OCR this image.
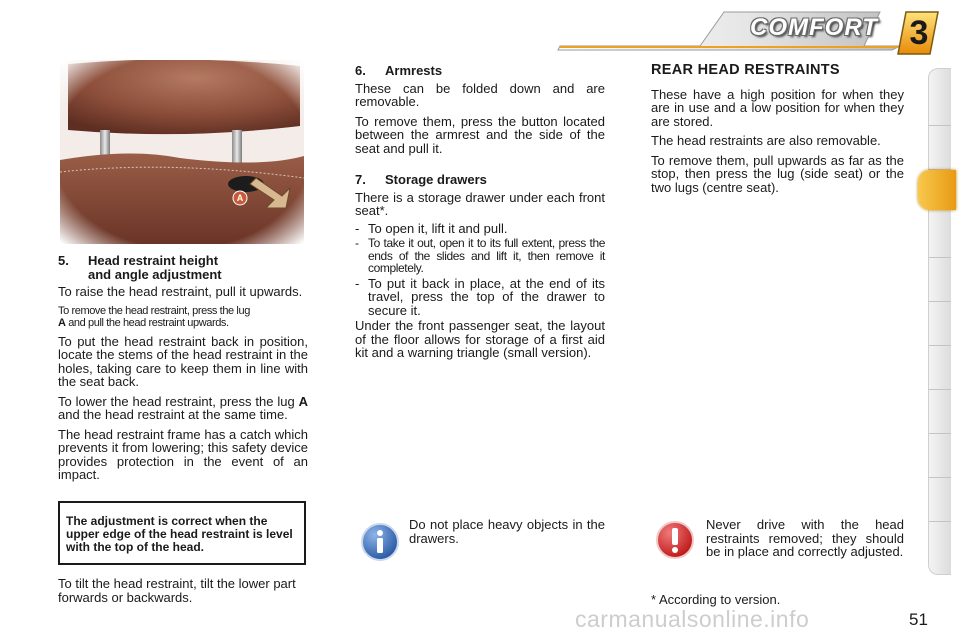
COMFORT 3
5. Head restraint height
and angle adjustment

To raise the head restraint, pull it upwards.

To remove the head restraint, press the lug
A and pull the head restraint upwards.

To put the head restraint back in position, locate the stems of the head restraint in the holes, taking care to keep them in line with the seat back.

To lower the head restraint, press the lug A and the head restraint at the same time.

The head restraint frame has a catch which prevents it from lowering; this safety device provides protection in the event of an impact.

The adjustment is correct when the upper edge of the head restraint is level with the top of the head.

To tilt the head restraint, tilt the lower part forwards or backwards.

6. Armrests

These can be folded down and are removable.

To remove them, press the button located between the armrest and the side of the seat and pull it.

7. Storage drawers

There is a storage drawer under each front seat*.

- To open it, lift it and pull.
- To take it out, open it to its full extent, press the ends of the slides and lift it, then remove it completely.
- To put it back in place, at the end of its travel, press the top of the drawer to secure it.

Under the front passenger seat, the layout of the floor allows for storage of a first aid kit and a warning triangle (small version).

Do not place heavy objects in the drawers.
REAR HEAD RESTRAINTS

These have a high position for when they are in use and a low position for when they are stored.

The head restraints are also removable.

To remove them, pull upwards as far as the stop, then press the lug (side seat) or the two lugs (centre seat).

Never drive with the head restraints removed; they should be in place and correctly adjusted.
* According to version.
carmanualsonline.info	51
